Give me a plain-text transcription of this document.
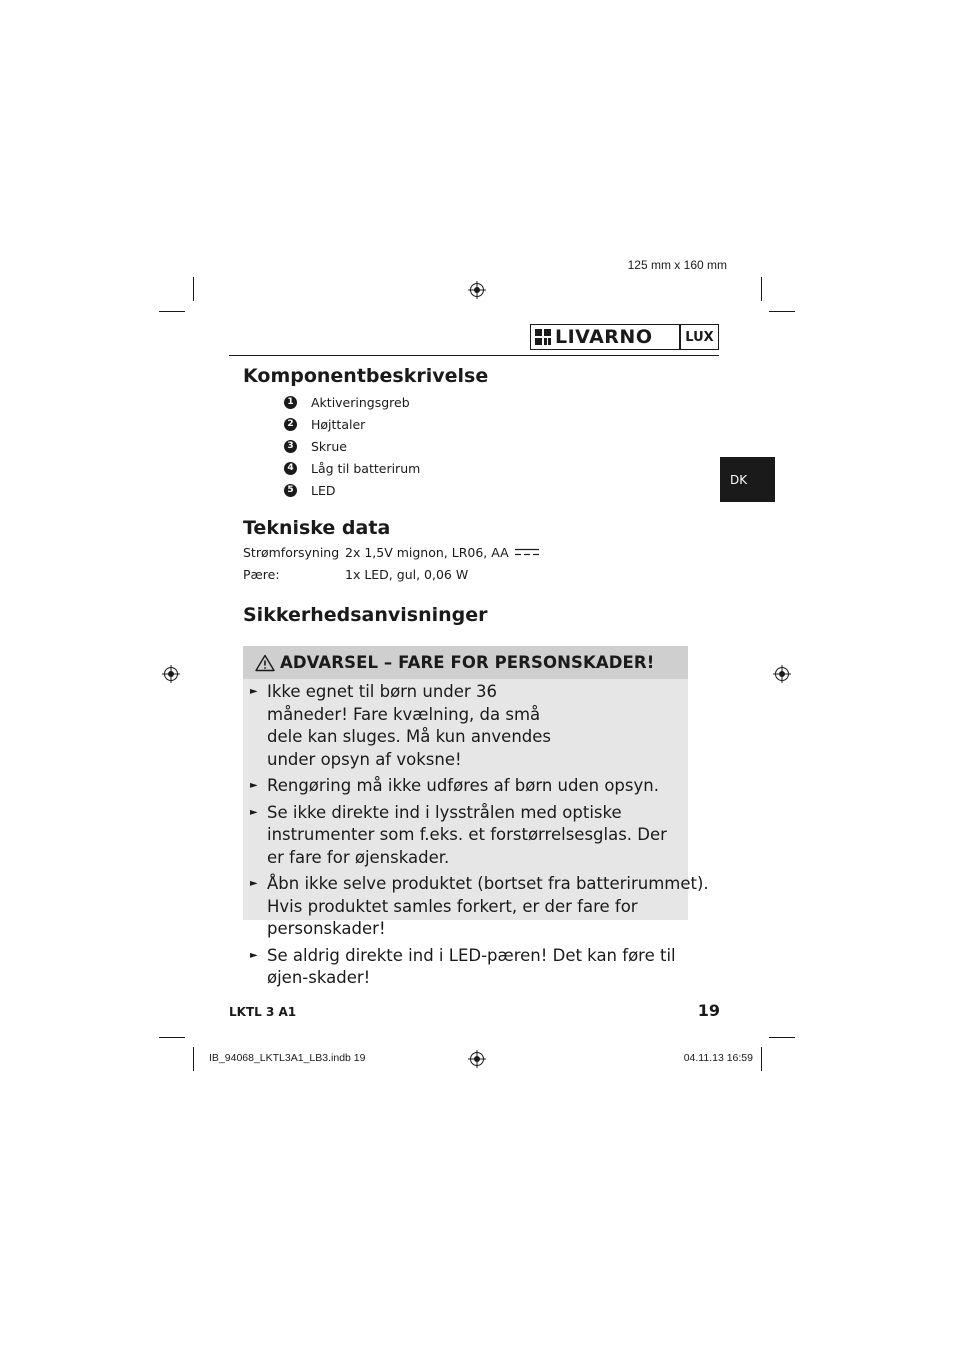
125 mm x 160 mm
LIVARNO	LUX
DK
Komponentbeskrivelse
1 Aktiveringsgreb
2 Højttaler
3 Skrue
4 Låg til batterirum
5 LED
Tekniske data
Strømforsyning 2x 1,5V mignon, LR06, AA
Pære:	1x LED, gul, 0,06 W
Sikkerhedsanvisninger
ADVARSEL – FARE FOR PERSONSKADER!
► Ikke egnet til børn under 36 måneder! Fare kvælning, da små dele kan sluges. Må kun anvendes under opsyn af voksne!
► Rengøring må ikke udføres af børn uden opsyn.
► Se ikke direkte ind i lysstrålen med optiske instrumenter som f.eks. et forstørrelsesglas. Der er fare for øjenskader.
► Åbn ikke selve produktet (bortset fra batterirummet). Hvis produktet samles forkert, er der fare for personskader!
► Se aldrig direkte ind i LED-pæren! Det kan føre til øjen-skader!
LKTL 3 A1	19
IB_94068_LKTL3A1_LB3.indb 19	04.11.13 16:59
